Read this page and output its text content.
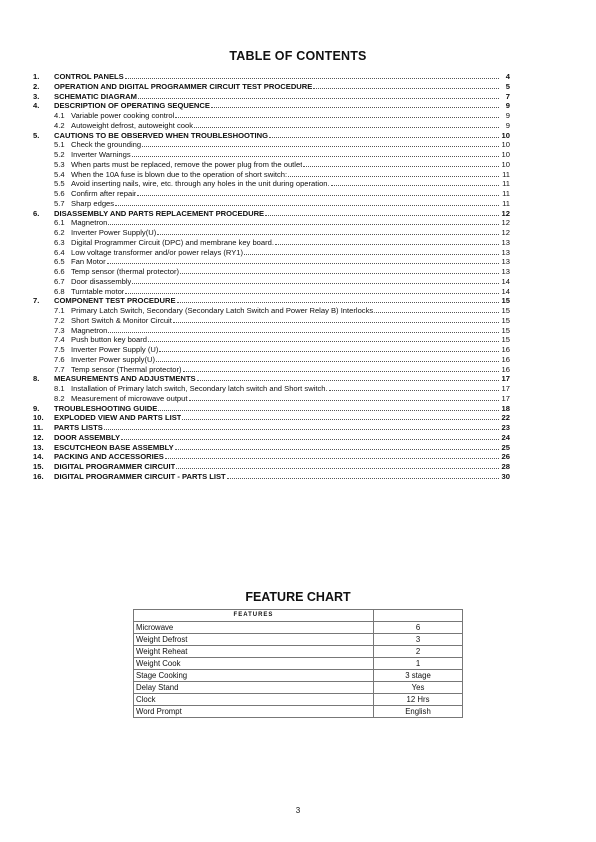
TABLE OF CONTENTS
1.	CONTROL PANELS	4
2.	OPERATION AND DIGITAL PROGRAMMER CIRCUIT TEST PROCEDURE	5
3.	SCHEMATIC DIAGRAM	7
4.	DESCRIPTION OF OPERATING SEQUENCE	9
4.1 Variable power cooking control	9
4.2 Autoweight defrost, autoweight cook	9
5.	CAUTIONS TO BE OBSERVED WHEN TROUBLESHOOTING	10
5.1 Check the grounding	10
5.2 Inverter Warnings	10
5.3 When parts must be replaced, remove the power plug from the outlet	10
5.4 When the 10A fuse is blown due to the operation of short switch:	11
5.5 Avoid inserting nails, wire, etc. through any holes in the unit during operation.	11
5.6 Confirm after repair	11
5.7 Sharp edges	11
6.	DISASSEMBLY AND PARTS REPLACEMENT PROCEDURE	12
6.1 Magnetron	12
6.2 Inverter Power Supply(U)	12
6.3 Digital Programmer Circuit (DPC) and membrane key board.	13
6.4 Low voltage transformer and/or power relays (RY1)	13
6.5 Fan Motor	13
6.6 Temp sensor (thermal protector)	13
6.7 Door disassembly	14
6.8 Turntable motor	14
7.	COMPONENT TEST PROCEDURE	15
7.1 Primary Latch Switch, Secondary (Secondary Latch Switch and Power Relay B) Interlocks.	15
7.2 Short Switch & Monitor Circuit	15
7.3 Magnetron	15
7.4 Push button key board	15
7.5 Inverter Power Supply (U)	16
7.6 Inverter Power supply(U)	16
7.7 Temp sensor (Thermal protector)	16
8.	MEASUREMENTS AND ADJUSTMENTS	17
8.1 Installation of Primary latch switch, Secondary latch switch and Short switch.	17
8.2 Measurement of microwave output	17
9.	TROUBLESHOOTING GUIDE	18
10.	EXPLODED VIEW AND PARTS LIST	22
11.	PARTS LISTS	23
12.	DOOR ASSEMBLY	24
13.	ESCUTCHEON BASE ASSEMBLY	25
14.	PACKING AND ACCESSORIES	26
15.	DIGITAL PROGRAMMER CIRCUIT	28
16.	DIGITAL PROGRAMMER CIRCUIT - PARTS LIST	30
FEATURE CHART
FEATURES	
Microwave	6
Weight Defrost	3
Weight Reheat	2
Weight Cook	1
Stage Cooking	3 stage
Delay Stand	Yes
Clock	12 Hrs
Word Prompt	English
3
